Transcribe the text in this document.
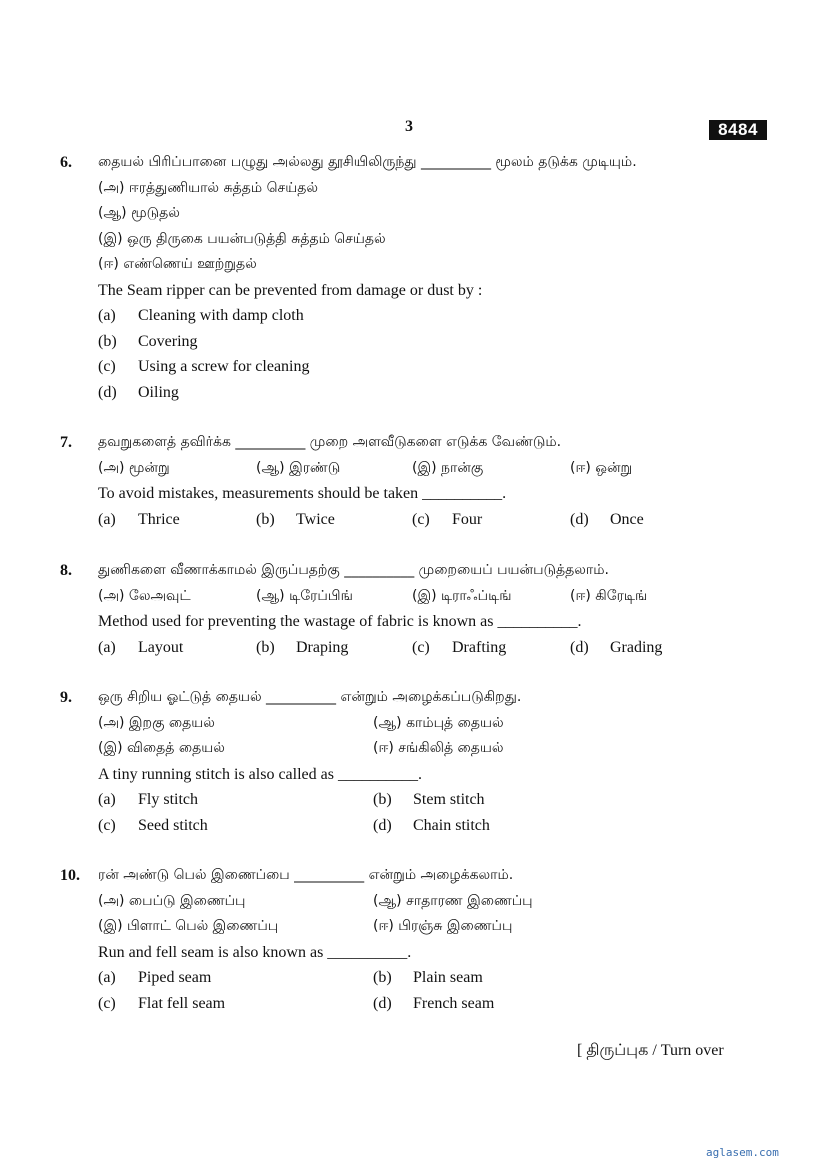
3	8484
6. தையல் பிரிப்பானை பழுது அல்லது தூசியிலிருந்து __________ மூலம் தடுக்க முடியும்.
(அ) ஈரத்துணியால் சுத்தம் செய்தல்
(ஆ) மூடுதல்
(இ) ஒரு திருகை பயன்படுத்தி சுத்தம் செய்தல்
(ஈ) எண்ணெய் ஊற்றுதல்
The Seam ripper can be prevented from damage or dust by :
(a) Cleaning with damp cloth
(b) Covering
(c) Using a screw for cleaning
(d) Oiling
7. தவறுகளைத் தவிர்க்க __________ முறை அளவீடுகளை எடுக்க வேண்டும்.
(அ) மூன்று	(ஆ) இரண்டு	(இ) நான்கு	(ஈ) ஒன்று
To avoid mistakes, measurements should be taken __________.
(a) Thrice	(b) Twice	(c) Four	(d) Once
8. துணிகளை வீணாக்காமல் இருப்பதற்கு __________ முறையைப் பயன்படுத்தலாம்.
(அ) லேஅவுட்	(ஆ) டிரேப்பிங்	(இ) டிராஃப்டிங்	(ஈ) கிரேடிங்
Method used for preventing the wastage of fabric is known as __________.
(a) Layout	(b) Draping	(c) Drafting	(d) Grading
9. ஒரு சிறிய ஓட்டுத் தையல் __________ என்றும் அழைக்கப்படுகிறது.
(அ) இறகு தையல்	(ஆ) காம்புத் தையல்
(இ) விதைத் தையல்	(ஈ) சங்கிலித் தையல்
A tiny running stitch is also called as __________.
(a) Fly stitch	(b) Stem stitch
(c) Seed stitch	(d) Chain stitch
10. ரன் அண்டு பெல் இணைப்பை __________ என்றும் அழைக்கலாம்.
(அ) பைப்டு இணைப்பு	(ஆ) சாதாரண இணைப்பு
(இ) பிளாட் பெல் இணைப்பு	(ஈ) பிரஞ்சு இணைப்பு
Run and fell seam is also known as __________.
(a) Piped seam	(b) Plain seam
(c) Flat fell seam	(d) French seam
[ திருப்புக / Turn over
aglasem.com
